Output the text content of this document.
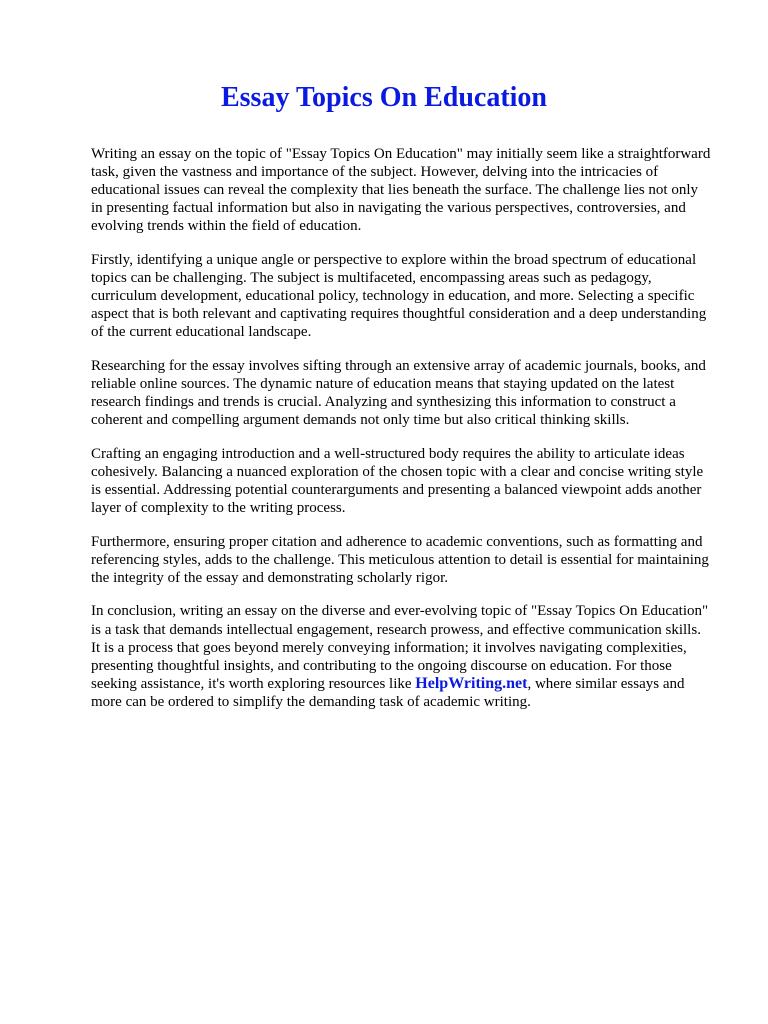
Essay Topics On Education

Writing an essay on the topic of "Essay Topics On Education" may initially seem like a straightforward task, given the vastness and importance of the subject. However, delving into the intricacies of educational issues can reveal the complexity that lies beneath the surface. The challenge lies not only in presenting factual information but also in navigating the various perspectives, controversies, and evolving trends within the field of education.

Firstly, identifying a unique angle or perspective to explore within the broad spectrum of educational topics can be challenging. The subject is multifaceted, encompassing areas such as pedagogy, curriculum development, educational policy, technology in education, and more. Selecting a specific aspect that is both relevant and captivating requires thoughtful consideration and a deep understanding of the current educational landscape.

Researching for the essay involves sifting through an extensive array of academic journals, books, and reliable online sources. The dynamic nature of education means that staying updated on the latest research findings and trends is crucial. Analyzing and synthesizing this information to construct a coherent and compelling argument demands not only time but also critical thinking skills.

Crafting an engaging introduction and a well-structured body requires the ability to articulate ideas cohesively. Balancing a nuanced exploration of the chosen topic with a clear and concise writing style is essential. Addressing potential counterarguments and presenting a balanced viewpoint adds another layer of complexity to the writing process.

Furthermore, ensuring proper citation and adherence to academic conventions, such as formatting and referencing styles, adds to the challenge. This meticulous attention to detail is essential for maintaining the integrity of the essay and demonstrating scholarly rigor.

In conclusion, writing an essay on the diverse and ever-evolving topic of "Essay Topics On Education" is a task that demands intellectual engagement, research prowess, and effective communication skills. It is a process that goes beyond merely conveying information; it involves navigating complexities, presenting thoughtful insights, and contributing to the ongoing discourse on education. For those seeking assistance, it's worth exploring resources like HelpWriting.net, where similar essays and more can be ordered to simplify the demanding task of academic writing.
